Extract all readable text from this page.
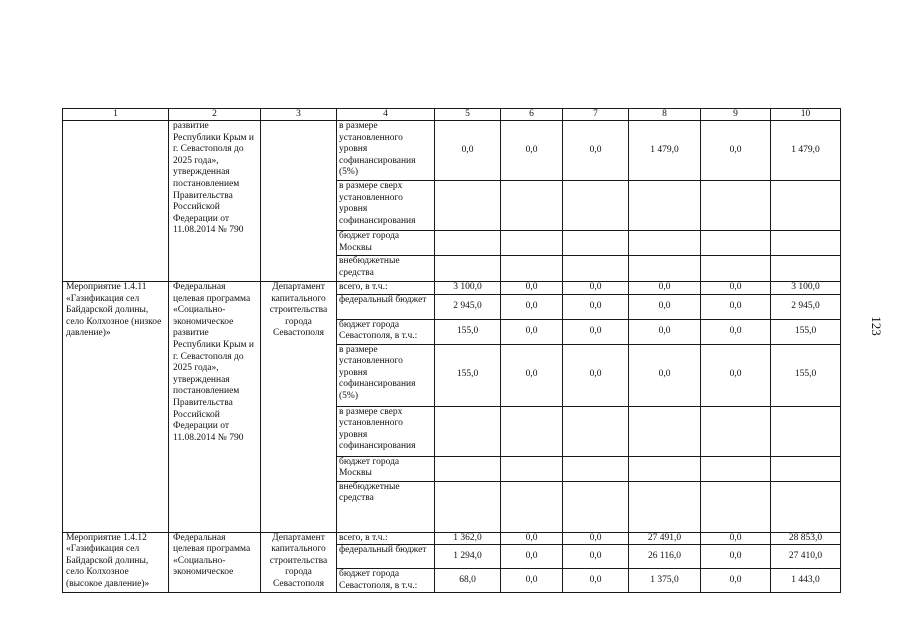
1	2	3	4	5	6	7	8	9	10
	развитие Республики Крым и г. Севастополя до 2025 года», утвержденная постановлением Правительства Российской Федерации от 11.08.2014 № 790		в размере установленного уровня софинансирования (5%)	0,0	0,0	0,0	1 479,0	0,0	1 479,0
			в размере сверх установленного уровня софинансирования						
			бюджет города Москвы						
			внебюджетные средства						
Мероприятие 1.4.11 «Газификация сел Байдарской долины, село Колхозное (низкое давление)»	Федеральная целевая программа «Социально-экономическое развитие Республики Крым и г. Севастополя до 2025 года», утвержденная постановлением Правительства Российской Федерации от 11.08.2014 № 790	Департамент капитального строительства города Севастополя	всего, в т.ч.:	3 100,0	0,0	0,0	0,0	0,0	3 100,0
			федеральный бюджет	2 945,0	0,0	0,0	0,0	0,0	2 945,0
			бюджет города Севастополя, в т.ч.:	155,0	0,0	0,0	0,0	0,0	155,0
			в размере установленного уровня софинансирования (5%)	155,0	0,0	0,0	0,0	0,0	155,0
			в размере сверх установленного уровня софинансирования						
			бюджет города Москвы						
			внебюджетные средства						
Мероприятие 1.4.12 «Газификация сел Байдарской долины, село Колхозное (высокое давление)»	Федеральная целевая программа «Социально-экономическое	Департамент капитального строительства города Севастополя	всего, в т.ч.:	1 362,0	0,0	0,0	27 491,0	0,0	28 853,0
			федеральный бюджет	1 294,0	0,0	0,0	26 116,0	0,0	27 410,0
			бюджет города Севастополя, в т.ч.:	68,0	0,0	0,0	1 375,0	0,0	1 443,0
123
